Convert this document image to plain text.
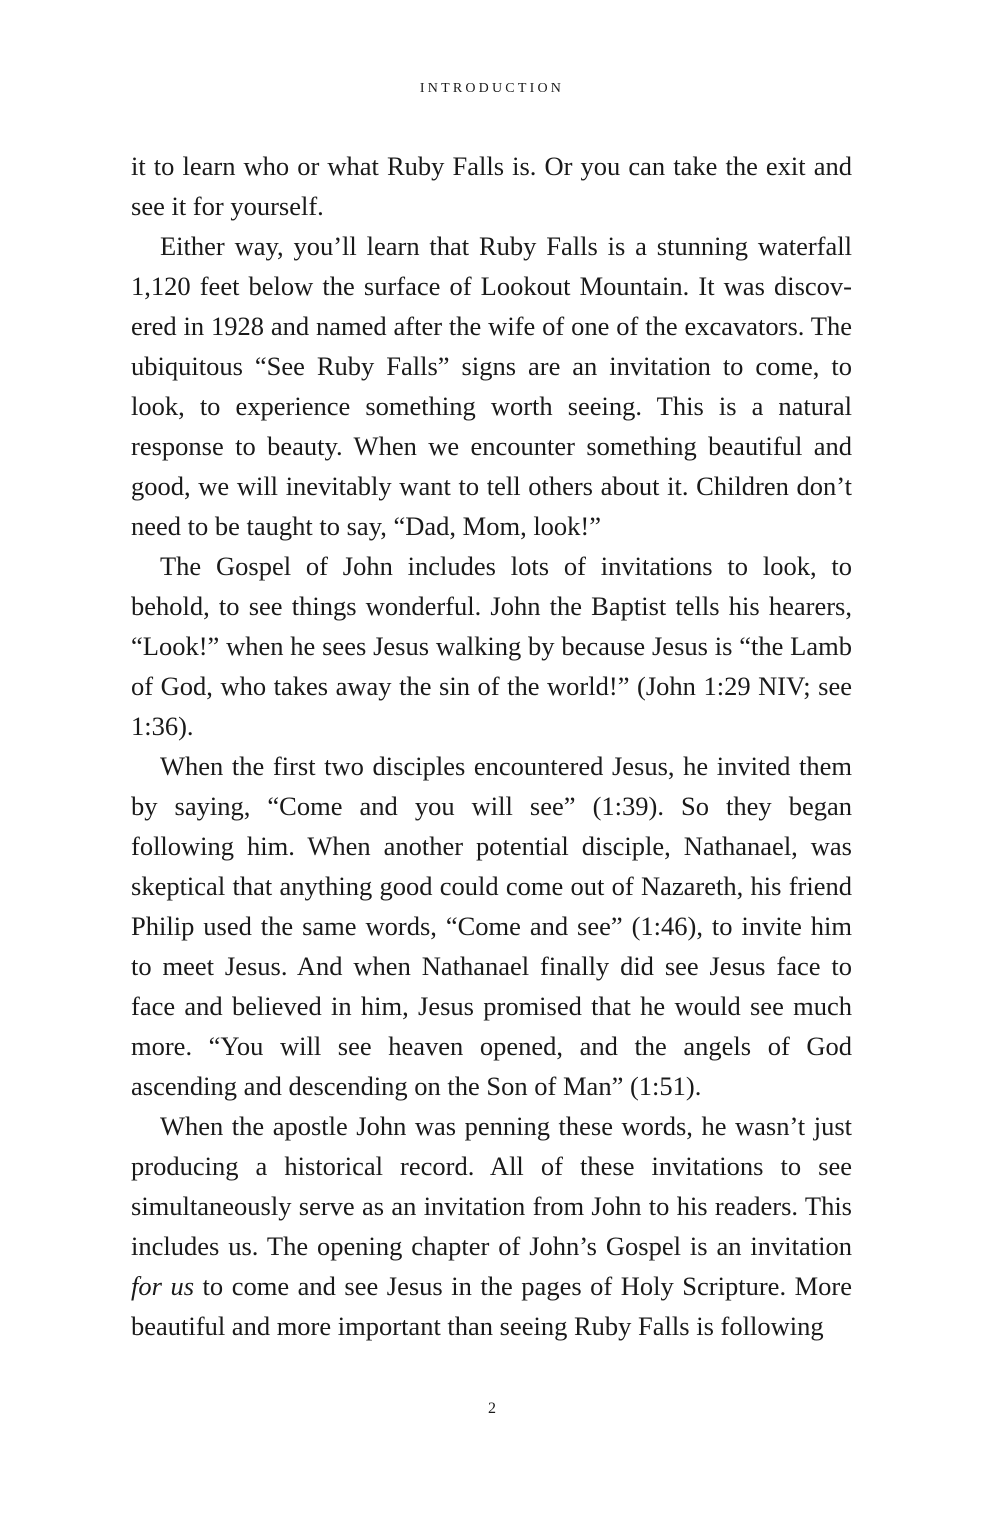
INTRODUCTION

it to learn who or what Ruby Falls is. Or you can take the exit and see it for yourself.

Either way, you’ll learn that Ruby Falls is a stunning waterfall 1,120 feet below the surface of Lookout Mountain. It was discovered in 1928 and named after the wife of one of the excavators. The ubiquitous “See Ruby Falls” signs are an invitation to come, to look, to experience something worth seeing. This is a natural response to beauty. When we encounter something beautiful and good, we will inevitably want to tell others about it. Children don’t need to be taught to say, “Dad, Mom, look!”

The Gospel of John includes lots of invitations to look, to behold, to see things wonderful. John the Baptist tells his hearers, “Look!” when he sees Jesus walking by because Jesus is “the Lamb of God, who takes away the sin of the world!” (John 1:29 NIV; see 1:36).

When the first two disciples encountered Jesus, he invited them by saying, “Come and you will see” (1:39). So they began following him. When another potential disciple, Nathanael, was skeptical that anything good could come out of Nazareth, his friend Philip used the same words, “Come and see” (1:46), to invite him to meet Jesus. And when Nathanael finally did see Jesus face to face and believed in him, Jesus promised that he would see much more. “You will see heaven opened, and the angels of God ascending and descending on the Son of Man” (1:51).

When the apostle John was penning these words, he wasn’t just producing a historical record. All of these invitations to see simultaneously serve as an invitation from John to his readers. This includes us. The opening chapter of John’s Gospel is an invitation for us to come and see Jesus in the pages of Holy Scripture. More beautiful and more important than seeing Ruby Falls is following

2
